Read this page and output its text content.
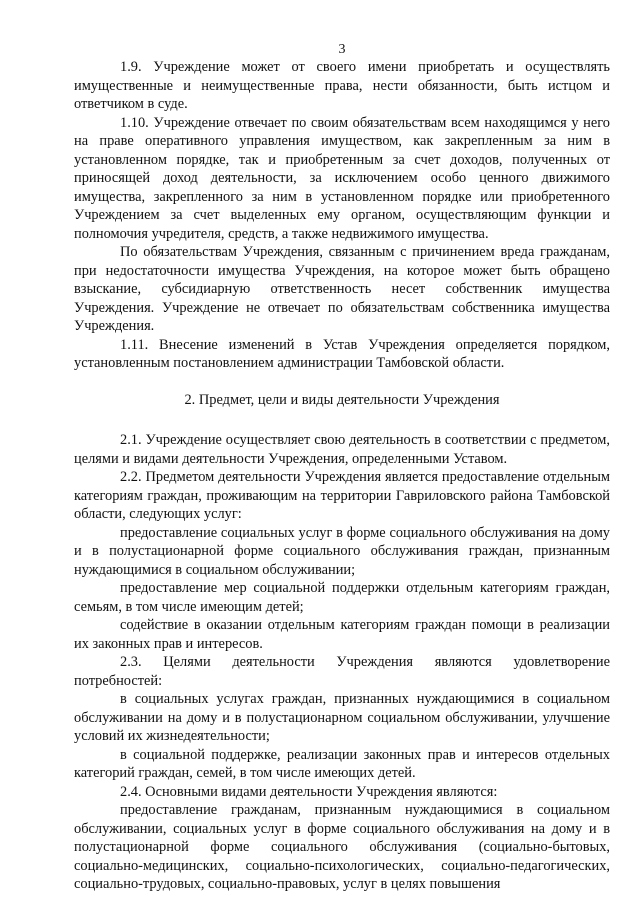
3

1.9. Учреждение может от своего имени приобретать и осуществлять имущественные и неимущественные права, нести обязанности, быть истцом и ответчиком в суде.

1.10. Учреждение отвечает по своим обязательствам всем находящимся у него на праве оперативного управления имуществом, как закрепленным за ним в установленном порядке, так и приобретенным за счет доходов, полученных от приносящей доход деятельности, за исключением особо ценного движимого имущества, закрепленного за ним в установленном порядке или приобретенного Учреждением за счет выделенных ему органом, осуществляющим функции и полномочия учредителя, средств, а также недвижимого имущества.

По обязательствам Учреждения, связанным с причинением вреда гражданам, при недостаточности имущества Учреждения, на которое может быть обращено взыскание, субсидиарную ответственность несет собственник имущества Учреждения. Учреждение не отвечает по обязательствам собственника имущества Учреждения.

1.11. Внесение изменений в Устав Учреждения определяется порядком, установленным постановлением администрации Тамбовской области.

2. Предмет, цели и виды деятельности Учреждения

2.1. Учреждение осуществляет свою деятельность в соответствии с предметом, целями и видами деятельности Учреждения, определенными Уставом.

2.2. Предметом деятельности Учреждения является предоставление отдельным категориям граждан, проживающим на территории Гавриловского района Тамбовской области, следующих услуг:

предоставление социальных услуг в форме социального обслуживания на дому и в полустационарной форме социального обслуживания граждан, признанным нуждающимися в социальном обслуживании;

предоставление мер социальной поддержки отдельным категориям граждан, семьям, в том числе имеющим детей;

содействие в оказании отдельным категориям граждан помощи в реализации их законных прав и интересов.

2.3. Целями деятельности Учреждения являются удовлетворение потребностей:

в социальных услугах граждан, признанных нуждающимися в социальном обслуживании на дому и в полустационарном социальном обслуживании, улучшение условий их жизнедеятельности;

в социальной поддержке, реализации законных прав и интересов отдельных категорий граждан, семей, в том числе имеющих детей.

2.4. Основными видами деятельности Учреждения являются:

предоставление гражданам, признанным нуждающимися в социальном обслуживании, социальных услуг в форме социального обслуживания на дому и в полустационарной форме социального обслуживания (социально-бытовых, социально-медицинских, социально-психологических, социально-педагогических, социально-трудовых, социально-правовых, услуг в целях повышения
